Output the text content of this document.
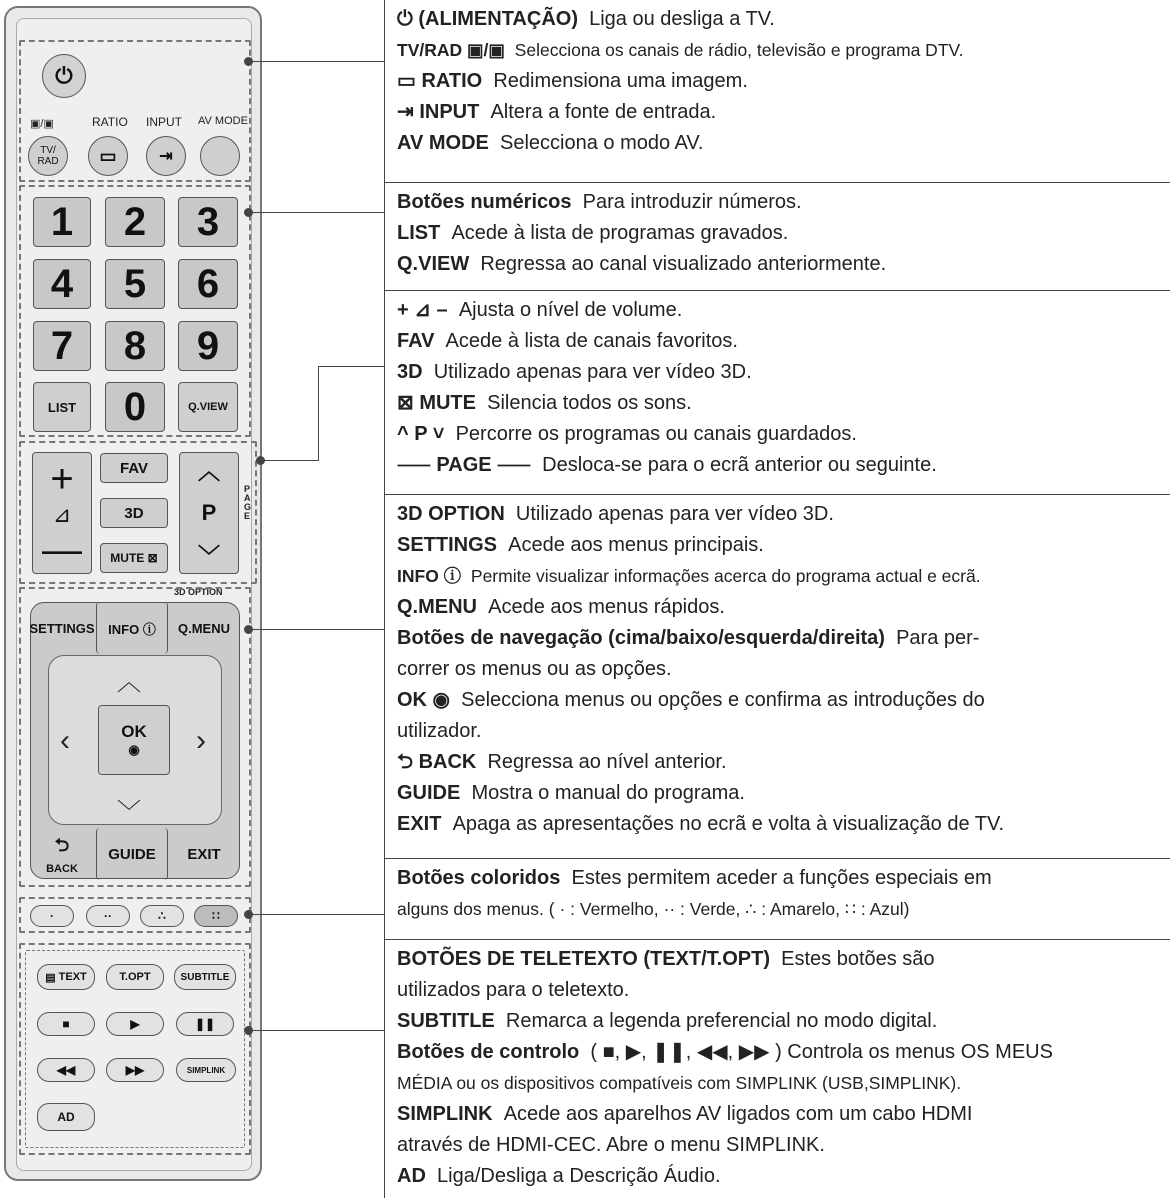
⏻
▣/▣	RATIO INPUT AV MODE
TV/
RAD	▭	⇥
1	2	3
4	5	6
7	8	9
LIST	0	Q.VIEW
+
⊿
—
FAV
3D
MUTE ⊠
︿
P
﹀
PAGE
3D OPTION
SETTINGS	INFO ⓘ	Q.MENU
︿
‹	›
﹀
OK
◉
⮌
BACK
GUIDE	EXIT
·	··	∴	∷
▤ TEXT	T.OPT	SUBTITLE
■	▶	❚❚
◀◀	▶▶	SIMPLINK
AD
⏻ (ALIMENTAÇÃO) Liga ou desliga a TV.
TV/RAD ▣/▣ Selecciona os canais de rádio, televisão e programa DTV.
▭ RATIO Redimensiona uma imagem.
⇥ INPUT Altera a fonte de entrada.
AV MODE Selecciona o modo AV.
Botões numéricos Para introduzir números.
LIST Acede à lista de programas gravados.
Q.VIEW Regressa ao canal visualizado anteriormente.
+ ⊿ – Ajusta o nível de volume.
FAV Acede à lista de canais favoritos.
3D Utilizado apenas para ver vídeo 3D.
⊠ MUTE Silencia todos os sons.
^ P ˅ Percorre os programas ou canais guardados.
⸺ PAGE ⸺ Desloca-se para o ecrã anterior ou seguinte.
3D OPTION Utilizado apenas para ver vídeo 3D.
SETTINGS Acede aos menus principais.
INFO ⓘ Permite visualizar informações acerca do programa actual e ecrã.
Q.MENU Acede aos menus rápidos.
Botões de navegação (cima/baixo/esquerda/direita) Para per-
correr os menus ou as opções.
OK ◉ Selecciona menus ou opções e confirma as introduções do
utilizador.
⮌ BACK Regressa ao nível anterior.
GUIDE Mostra o manual do programa.
EXIT Apaga as apresentações no ecrã e volta à visualização de TV.
Botões coloridos Estes permitem aceder a funções especiais em
alguns dos menus. ( · : Vermelho, ·· : Verde, ∴ : Amarelo, ∷ : Azul)
BOTÕES DE TELETEXTO (TEXT/T.OPT) Estes botões são
utilizados para o teletexto.
SUBTITLE Remarca a legenda preferencial no modo digital.
Botões de controlo ( ■, ▶, ❚❚, ◀◀, ▶▶ ) Controla os menus OS MEUS
MÉDIA ou os dispositivos compatíveis com SIMPLINK (USB,SIMPLINK).
SIMPLINK Acede aos aparelhos AV ligados com um cabo HDMI
através de HDMI-CEC. Abre o menu SIMPLINK.
AD Liga/Desliga a Descrição Áudio.
